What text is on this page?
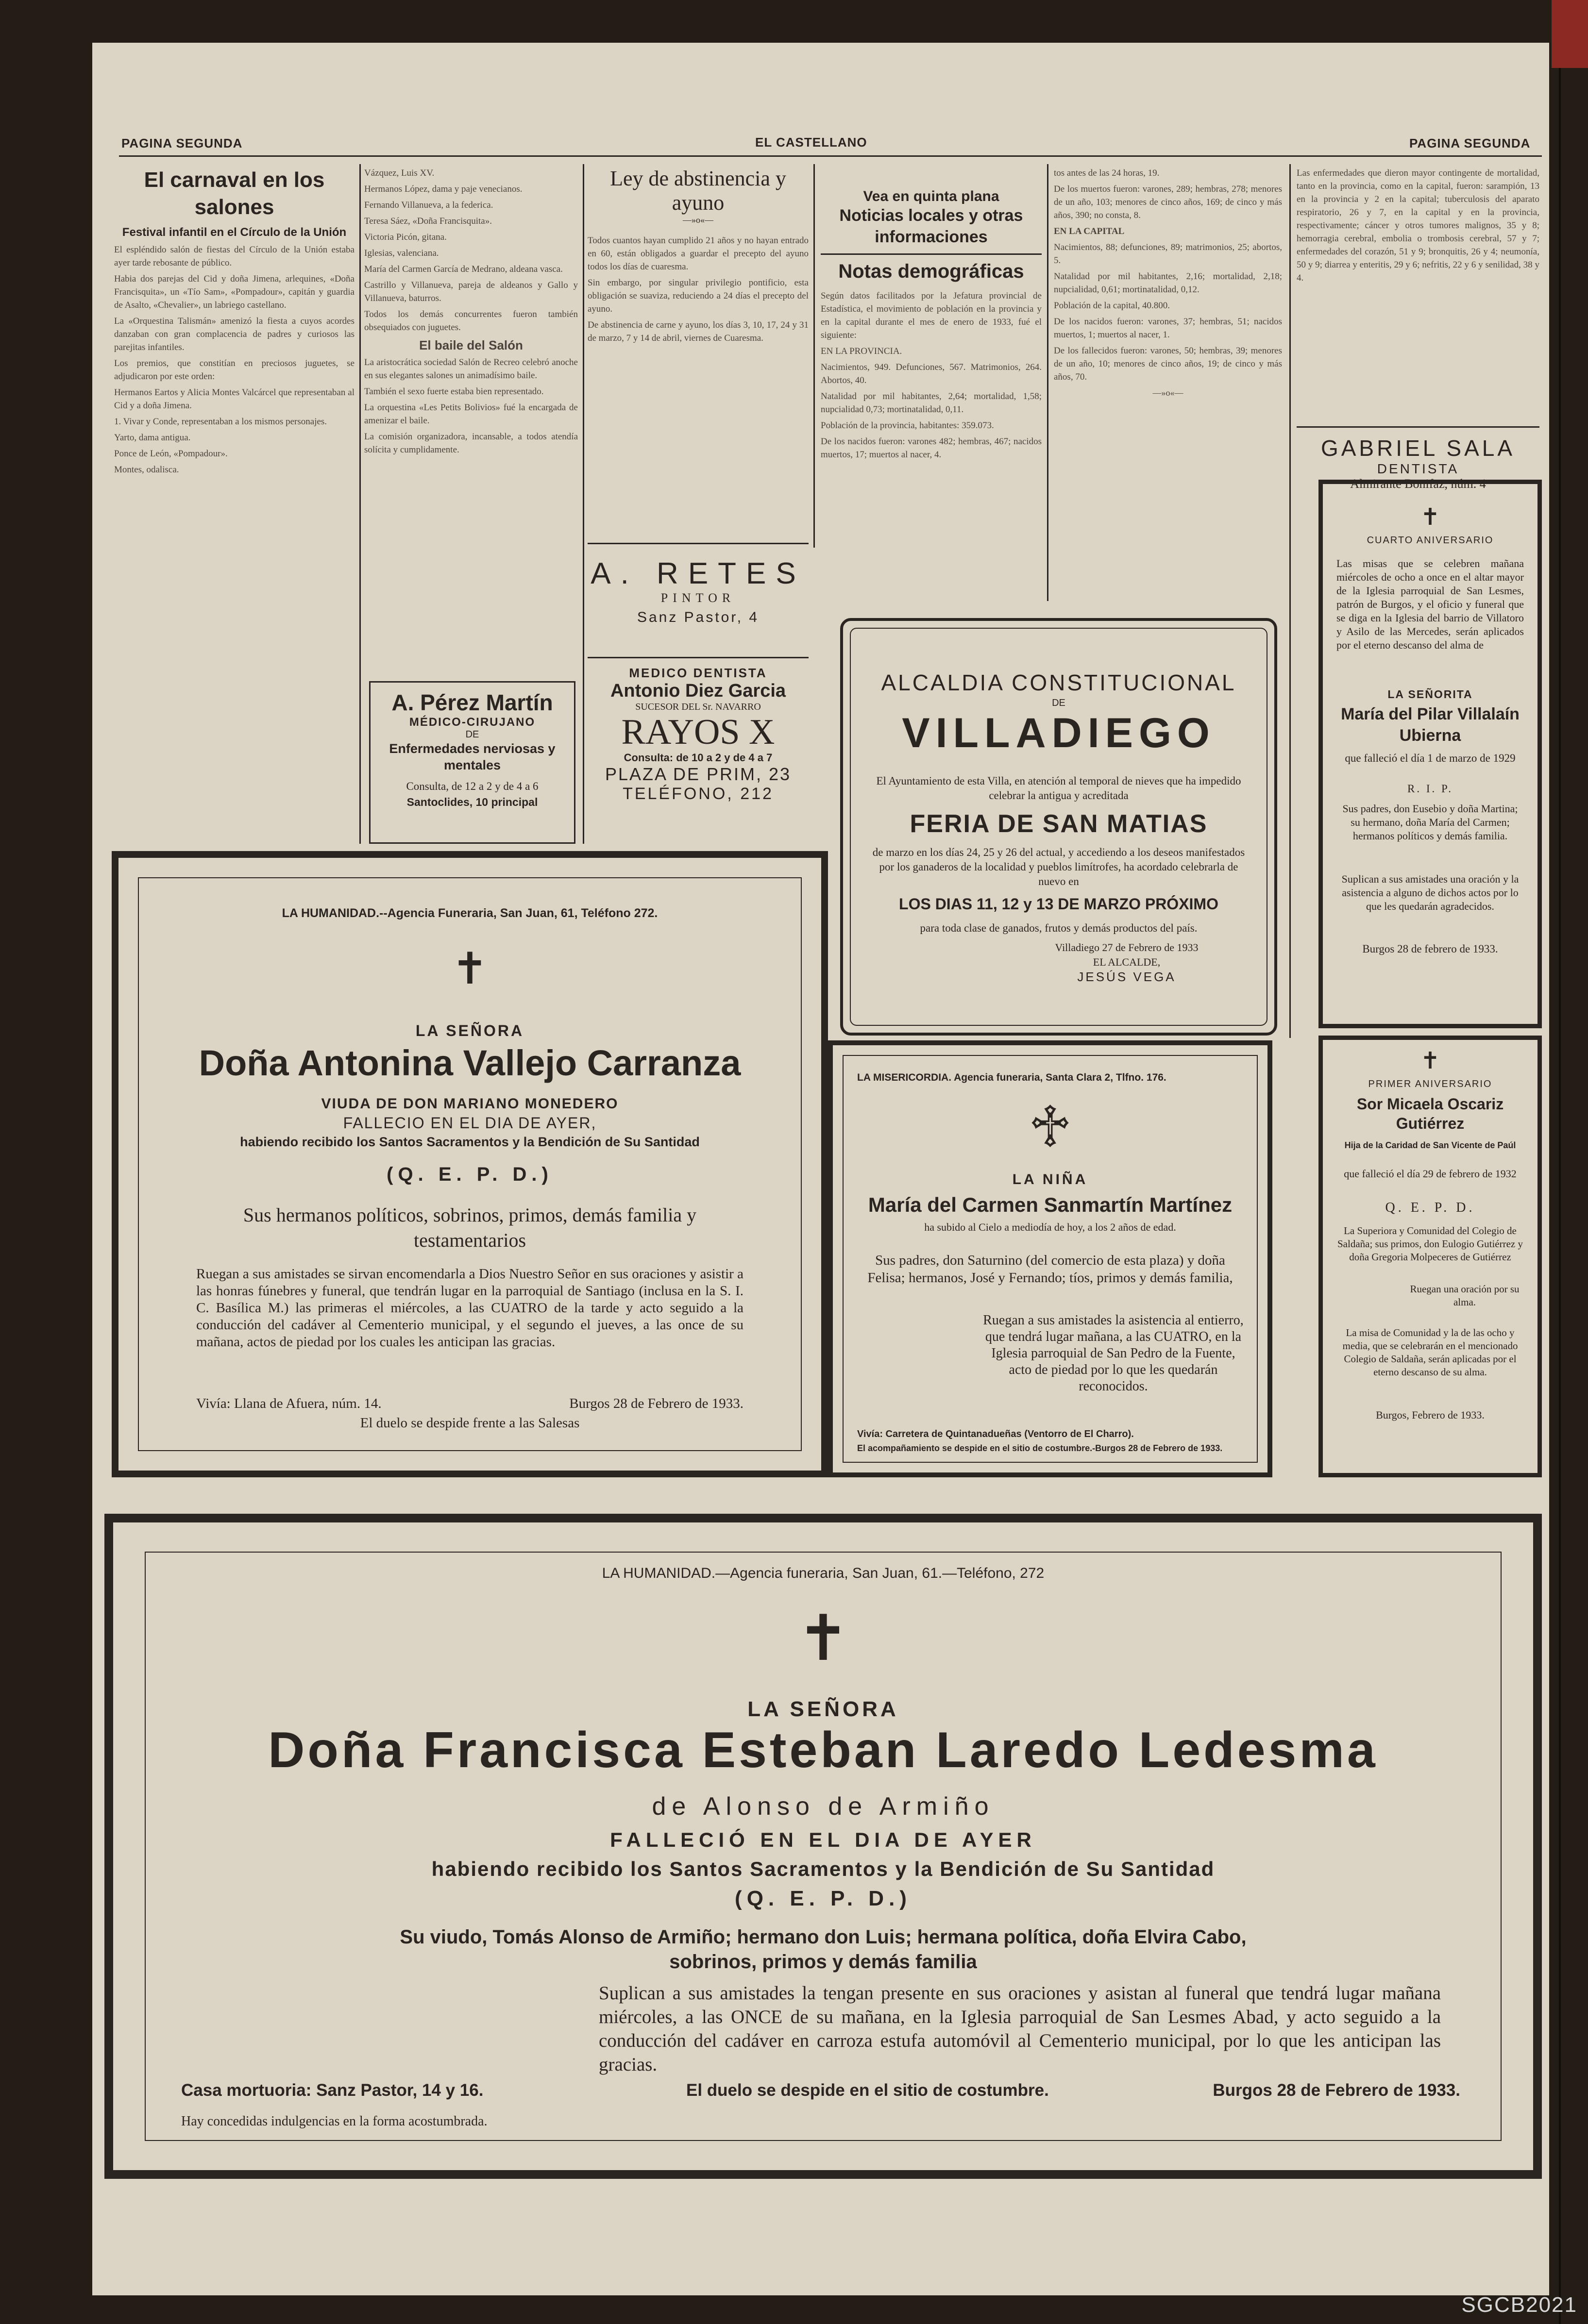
PAGINA SEGUNDA	EL CASTELLANO	PAGINA SEGUNDA
El carnaval en los salones
Festival infantil en el Círculo de la Unión

El espléndido salón de fiestas del Círculo de la Unión estaba ayer tarde rebosante de público.

Habia dos parejas del Cid y doña Jimena, arlequines, «Doña Francisquita», un «Tío Sam», «Pompadour», capitán y guardia de Asalto, «Chevalier», un labriego castellano.

La «Orquestina Talismán» amenizó la fiesta a cuyos acordes danzaban con gran complacencia de padres y curiosos las parejitas infantiles.

Los premios, que constitían en preciosos juguetes, se adjudicaron por este orden:

Hermanos Eartos y Alicia Montes Valcárcel que representaban al Cid y a doña Jimena.

1. Vivar y Conde, representaban a los mismos personajes.

Yarto, dama antigua.

Ponce de León, «Pompadour».

Montes, odalisca.

Vázquez, Luis XV.

Hermanos López, dama y paje venecianos.

Fernando Villanueva, a la federica.

Teresa Sáez, «Doña Francisquita».

Victoria Picón, gitana.

Iglesias, valenciana.

María del Carmen García de Medrano, aldeana vasca.

Castrillo y Villanueva, pareja de aldeanos y Gallo y Villanueva, baturros.

Todos los demás concurrentes fueron también obsequiados con juguetes.

El baile del Salón

La aristocrática sociedad Salón de Recreo celebró anoche en sus elegantes salones un animadísimo baile.

También el sexo fuerte estaba bien representado.

La orquestina «Les Petits Bolivios» fué la encargada de amenizar el baile.

La comisión organizadora, incansable, a todos atendía solícita y cumplidamente.

A. Pérez Martín
MÉDICO-CIRUJANO
DE
Enfermedades nerviosas y mentales
Consulta, de 12 a 2 y de 4 a 6
Santoclides, 10 principal
Ley de abstinencia y ayuno
—»o«—

Todos cuantos hayan cumplido 21 años y no hayan entrado en 60, están obligados a guardar el precepto del ayuno todos los días de cuaresma.

Sin embargo, por singular privilegio pontificio, esta obligación se suaviza, reduciendo a 24 días el precepto del ayuno.

De abstinencia de carne y ayuno, los días 3, 10, 17, 24 y 31 de marzo, 7 y 14 de abril, viernes de Cuaresma.

A. RETES
PINTOR
Sanz Pastor, 4
MEDICO DENTISTA
Antonio Diez Garcia
SUCESOR DEL Sr. NAVARRO
RAYOS X
Consulta: de 10 a 2 y de 4 a 7
PLAZA DE PRIM, 23
TELÉFONO, 212
Vea en quinta plana
Noticias locales y otras informaciones
Notas demográficas

Según datos facilitados por la Jefatura provincial de Estadística, el movimiento de población en la provincia y en la capital durante el mes de enero de 1933, fué el siguiente:

EN LA PROVINCIA.

Nacimientos, 949. Defunciones, 567. Matrimonios, 264. Abortos, 40.

Natalidad por mil habitantes, 2,64; mortalidad, 1,58; nupcialidad 0,73; mortinatalidad, 0,11.

Población de la provincia, habitantes: 359.073.

De los nacidos fueron: varones 482; hembras, 467; nacidos muertos, 17; muertos al nacer, 4.

tos antes de las 24 horas, 19.

De los muertos fueron: varones, 289; hembras, 278; menores de un año, 103; menores de cinco años, 169; de cinco y más años, 390; no consta, 8.

EN LA CAPITAL

Nacimientos, 88; defunciones, 89; matrimonios, 25; abortos, 5.

Natalidad por mil habitantes, 2,16; mortalidad, 2,18; nupcialidad, 0,61; mortinatalidad, 0,12.

Población de la capital, 40.800.

De los nacidos fueron: varones, 37; hembras, 51; nacidos muertos, 1; muertos al nacer, 1.

De los fallecidos fueron: varones, 50; hembras, 39; menores de un año, 10; menores de cinco años, 19; de cinco y más años, 70.

—»o«—

Las enfermedades que dieron mayor contingente de mortalidad, tanto en la provincia, como en la capital, fueron: sarampión, 13 en la provincia y 2 en la capital; tuberculosis del aparato respiratorio, 26 y 7, en la capital y en la provincia, respectivamente; cáncer y otros tumores malignos, 35 y 8; hemorragia cerebral, embolia o trombosis cerebral, 57 y 7; enfermedades del corazón, 51 y 9; bronquitis, 26 y 4; neumonía, 50 y 9; diarrea y enteritis, 29 y 6; nefritis, 22 y 6 y senilidad, 38 y 4.

GABRIEL SALA
DENTISTA
Almirante Bonifaz, núm. 4
ALCALDIA CONSTITUCIONAL
DE
VILLADIEGO
El Ayuntamiento de esta Villa, en atención al temporal de nieves que ha impedido celebrar la antigua y acreditada
FERIA DE SAN MATIAS
de marzo en los días 24, 25 y 26 del actual, y accediendo a los deseos manifestados por los ganaderos de la localidad y pueblos limítrofes, ha acordado celebrarla de nuevo en
LOS DIAS 11, 12 y 13 DE MARZO PRÓXIMO
para toda clase de ganados, frutos y demás productos del país.
Villadiego 27 de Febrero de 1933
EL ALCALDE,
JESÚS VEGA
LA HUMANIDAD.--Agencia Funeraria, San Juan, 61, Teléfono 272.
✝
LA SEÑORA
Doña Antonina Vallejo Carranza
VIUDA DE DON MARIANO MONEDERO
FALLECIO EN EL DIA DE AYER,
habiendo recibido los Santos Sacramentos y la Bendición de Su Santidad
(Q. E. P. D.)
Sus hermanos políticos, sobrinos, primos, demás familia y testamentarios
Ruegan a sus amistades se sirvan encomendarla a Dios Nuestro Señor en sus oraciones y asistir a las honras fúnebres y funeral, que tendrán lugar en la parroquial de Santiago (inclusa en la S. I. C. Basílica M.) las primeras el miércoles, a las CUATRO de la tarde y acto seguido a la conducción del cadáver al Cementerio municipal, y el segundo el jueves, a las once de su mañana, actos de piedad por los cuales les anticipan las gracias.
Vivía: Llana de Afuera, núm. 14.	Burgos 28 de Febrero de 1933.
El duelo se despide frente a las Salesas
LA MISERICORDIA. Agencia funeraria, Santa Clara 2, Tlfno. 176.
♱
LA NIÑA
María del Carmen Sanmartín Martínez
ha subido al Cielo a mediodía de hoy, a los 2 años de edad.
Sus padres, don Saturnino (del comercio de esta plaza) y doña Felisa; hermanos, José y Fernando; tíos, primos y demás familia,
Ruegan a sus amistades la asistencia al entierro, que tendrá lugar mañana, a las CUATRO, en la Iglesia parroquial de San Pedro de la Fuente, acto de piedad por lo que les quedarán reconocidos.
Vivía: Carretera de Quintanadueñas (Ventorro de El Charro).
El acompañamiento se despide en el sitio de costumbre.-Burgos 28 de Febrero de 1933.
✝
CUARTO ANIVERSARIO
Las misas que se celebren mañana miércoles de ocho a once en el altar mayor de la Iglesia parroquial de San Lesmes, patrón de Burgos, y el oficio y funeral que se diga en la Iglesia del barrio de Villatoro y Asilo de las Mercedes, serán aplicados por el eterno descanso del alma de
LA SEÑORITA
María del Pilar Villalaín Ubierna
que falleció el día 1 de marzo de 1929
R. I. P.
Sus padres, don Eusebio y doña Martina; su hermano, doña María del Carmen; hermanos políticos y demás familia.
Suplican a sus amistades una oración y la asistencia a alguno de dichos actos por lo que les quedarán agradecidos.
Burgos 28 de febrero de 1933.
✝
PRIMER ANIVERSARIO
Sor Micaela Oscariz Gutiérrez
Hija de la Caridad de San Vicente de Paúl
que falleció el día 29 de febrero de 1932
Q. E. P. D.
La Superiora y Comunidad del Colegio de Saldaña; sus primos, don Eulogio Gutiérrez y doña Gregoria Molpeceres de Gutiérrez
Ruegan una oración por su alma.
La misa de Comunidad y la de las ocho y media, que se celebrarán en el mencionado Colegio de Saldaña, serán aplicadas por el eterno descanso de su alma.
Burgos, Febrero de 1933.
LA HUMANIDAD.—Agencia funeraria, San Juan, 61.—Teléfono, 272
✝
LA SEÑORA
Doña Francisca Esteban Laredo Ledesma
de Alonso de Armiño
FALLECIÓ EN EL DIA DE AYER
habiendo recibido los Santos Sacramentos y la Bendición de Su Santidad
(Q. E. P. D.)
Su viudo, Tomás Alonso de Armiño; hermano don Luis; hermana política, doña Elvira Cabo,
sobrinos, primos y demás familia
Suplican a sus amistades la tengan presente en sus oraciones y asistan al funeral que tendrá lugar mañana miércoles, a las ONCE de su mañana, en la Iglesia parroquial de San Lesmes Abad, y acto seguido a la conducción del cadáver en carroza estufa automóvil al Cementerio municipal, por lo que les anticipan las gracias.
Casa mortuoria: Sanz Pastor, 14 y 16.	El duelo se despide en el sitio de costumbre.	Burgos 28 de Febrero de 1933.
Hay concedidas indulgencias en la forma acostumbrada.
SGCB2021
